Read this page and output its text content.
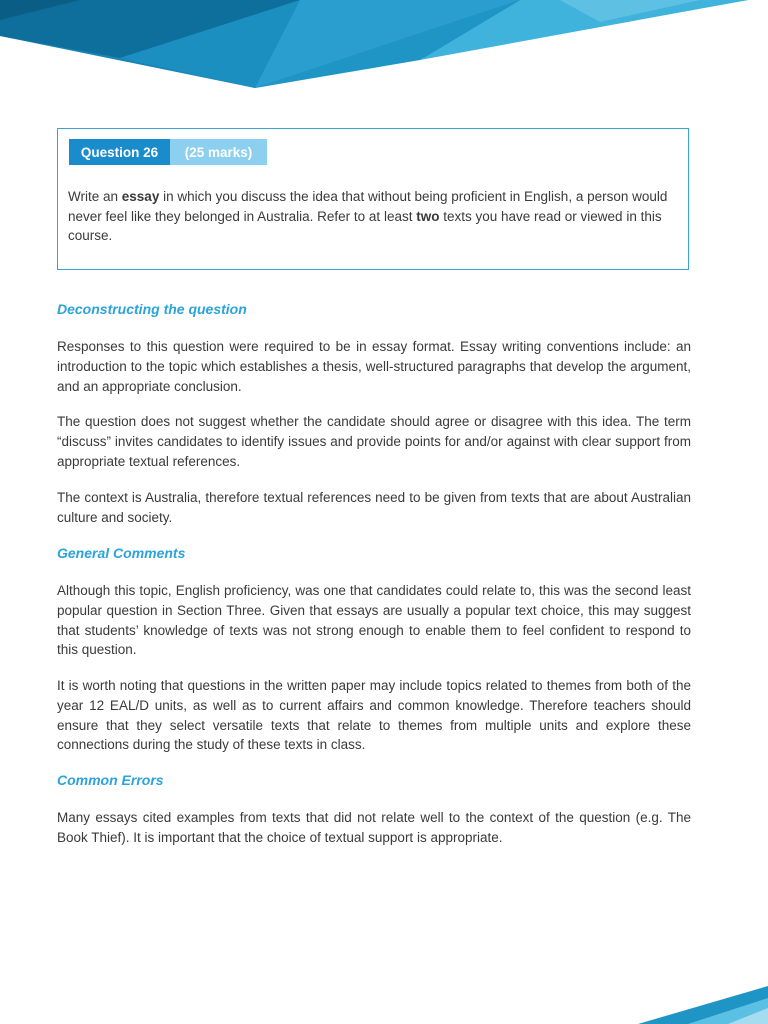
Question 26	(25 marks)
Write an essay in which you discuss the idea that without being proficient in English, a person would never feel like they belonged in Australia. Refer to at least two texts you have read or viewed in this course.
Deconstructing the question
Responses to this question were required to be in essay format. Essay writing conventions include: an introduction to the topic which establishes a thesis, well-structured paragraphs that develop the argument, and an appropriate conclusion.
The question does not suggest whether the candidate should agree or disagree with this idea. The term “discuss” invites candidates to identify issues and provide points for and/or against with clear support from appropriate textual references.
The context is Australia, therefore textual references need to be given from texts that are about Australian culture and society.
General Comments
Although this topic, English proficiency, was one that candidates could relate to, this was the second least popular question in Section Three. Given that essays are usually a popular text choice, this may suggest that students’ knowledge of texts was not strong enough to enable them to feel confident to respond to this question.
It is worth noting that questions in the written paper may include topics related to themes from both of the year 12 EAL/D units, as well as to current affairs and common knowledge. Therefore teachers should ensure that they select versatile texts that relate to themes from multiple units and explore these connections during the study of these texts in class.
Common Errors
Many essays cited examples from texts that did not relate well to the context of the question (e.g. The Book Thief). It is important that the choice of textual support is appropriate.
